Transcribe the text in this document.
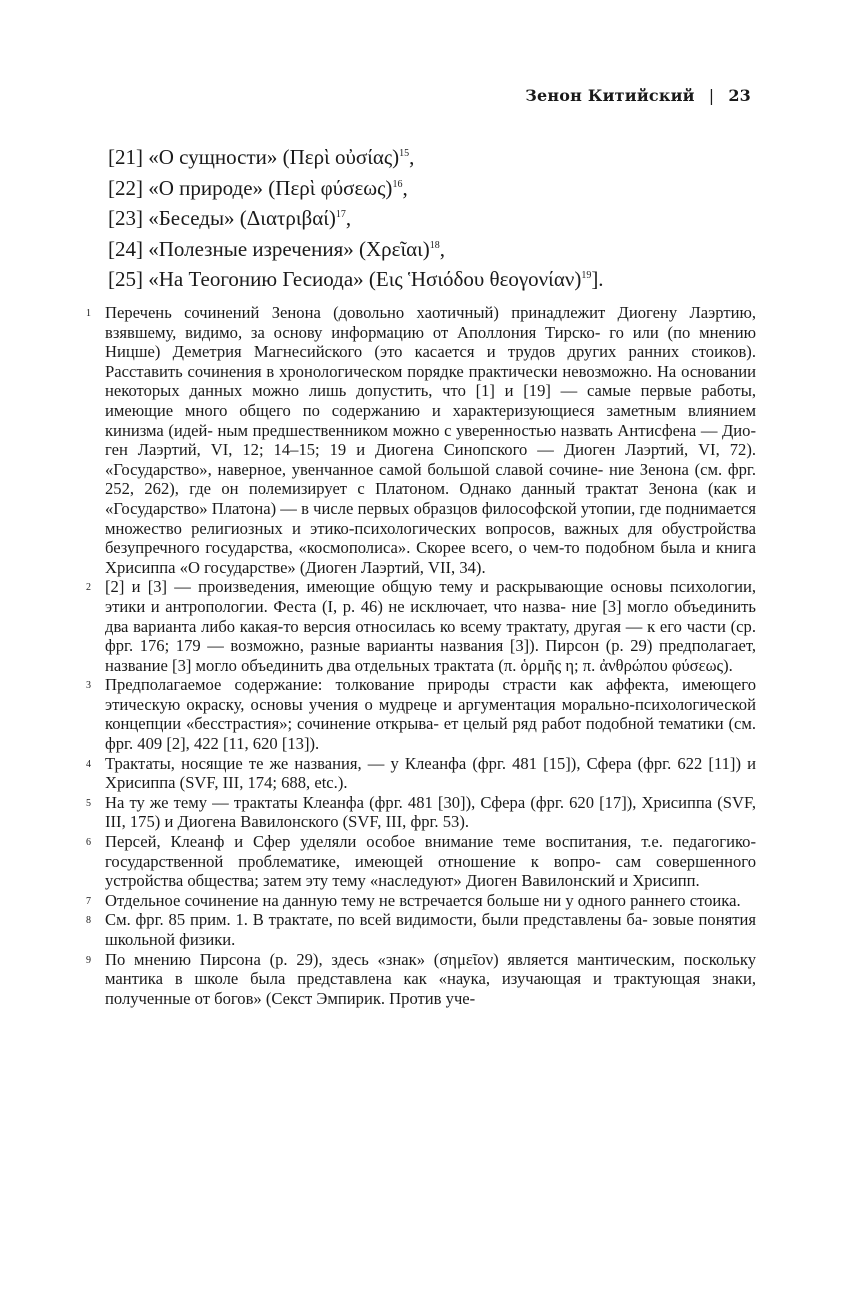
Зенон Китийский | 23
[21] «О сущности» (Περὶ οὐσίας)$^{15}$,
[22] «О природе» (Περὶ φύσεως)$^{16}$,
[23] «Беседы» $(\Delta\iota\alpha\tau\rho\iota\beta\alpha ί)^{17}$,
[24] «Полезные изречения» (Χρεῖαι)$^{18}$,
[25] «На Теогонию Гесиода» (Εις Ἡσιόδου θεογονίαν)$^{19}$].
1 Перечень сочинений Зенона (довольно хаотичный) принадлежит Диогену Лаэртию, взявшему, видимо, за основу информацию от Аполлония Тирско- го или (по мнению Ницше) Деметрия Магнесийского (это касается и трудов других ранних стоиков). Расставить сочинения в хронологическом порядке практически невозможно. На основании некоторых данных можно лишь допустить, что [1] и [19] — самые первые работы, имеющие много общего по содержанию и характеризующиеся заметным влиянием кинизма (идей- ным предшественником можно с уверенностью назвать Антисфена — Дио- ген Лаэртий, VI, 12; 14–15; 19 и Диогена Синопского — Диоген Лаэртий, VI, 72). «Государство», наверное, увенчанное самой большой славой сочине- ние Зенона (см. фрг. 252, 262), где он полемизирует с Платоном. Однако данный трактат Зенона (как и «Государство» Платона) — в числе первых образцов философской утопии, где поднимается множество религиозных и этико-психологических вопросов, важных для обустройства безупречного государства, «космополиса». Скорее всего, о чем-то подобном была и книга Хрисиппа «О государстве» (Диоген Лаэртий, VII, 34).
2 [2] и [3] — произведения, имеющие общую тему и раскрывающие основы психологии, этики и антропологии. Феста (I, p. 46) не исключает, что назва- ние [3] могло объединить два варианта либо какая-то версия относилась ко всему трактату, другая — к его части (ср. фрг. 176; 179 — возможно, разные варианты названия [3]). Пирсон (p. 29) предполагает, название [3] могло объединить два отдельных трактата (π. ὁρμῆς η; π. ἀνθρώπου φύσεως).
3 Предполагаемое содержание: толкование природы страсти как аффекта, имеющего этическую окраску, основы учения о мудреце и аргументация морально-психологической концепции «бесстрастия»; сочинение открыва- ет целый ряд работ подобной тематики (см. фрг. 409 [2], 422 [11, 620 [13]).
4 Трактаты, носящие те же названия, — у Клеанфа (фрг. 481 [15]), Сфера (фрг. 622 [11]) и Хрисиппа (SVF, III, 174; 688, etc.).
5 На ту же тему — трактаты Клеанфа (фрг. 481 [30]), Сфера (фрг. 620 [17]), Хрисиппа (SVF, III, 175) и Диогена Вавилонского (SVF, III, фрг. 53).
6 Персей, Клеанф и Сфер уделяли особое внимание теме воспитания, т.е. педагогико-государственной проблематике, имеющей отношение к вопро- сам совершенного устройства общества; затем эту тему «наследуют» Диоген Вавилонский и Хрисипп.
7 Отдельное сочинение на данную тему не встречается больше ни у одного раннего стоика.
8 См. фрг. 85 прим. 1. В трактате, по всей видимости, были представлены ба- зовые понятия школьной физики.
9 По мнению Пирсона (p. 29), здесь «знак» (σημεῖον) является мантическим, поскольку мантика в школе была представлена как «наука, изучающая и трактующая знаки, полученные от богов» (Секст Эмпирик. Против уче-
